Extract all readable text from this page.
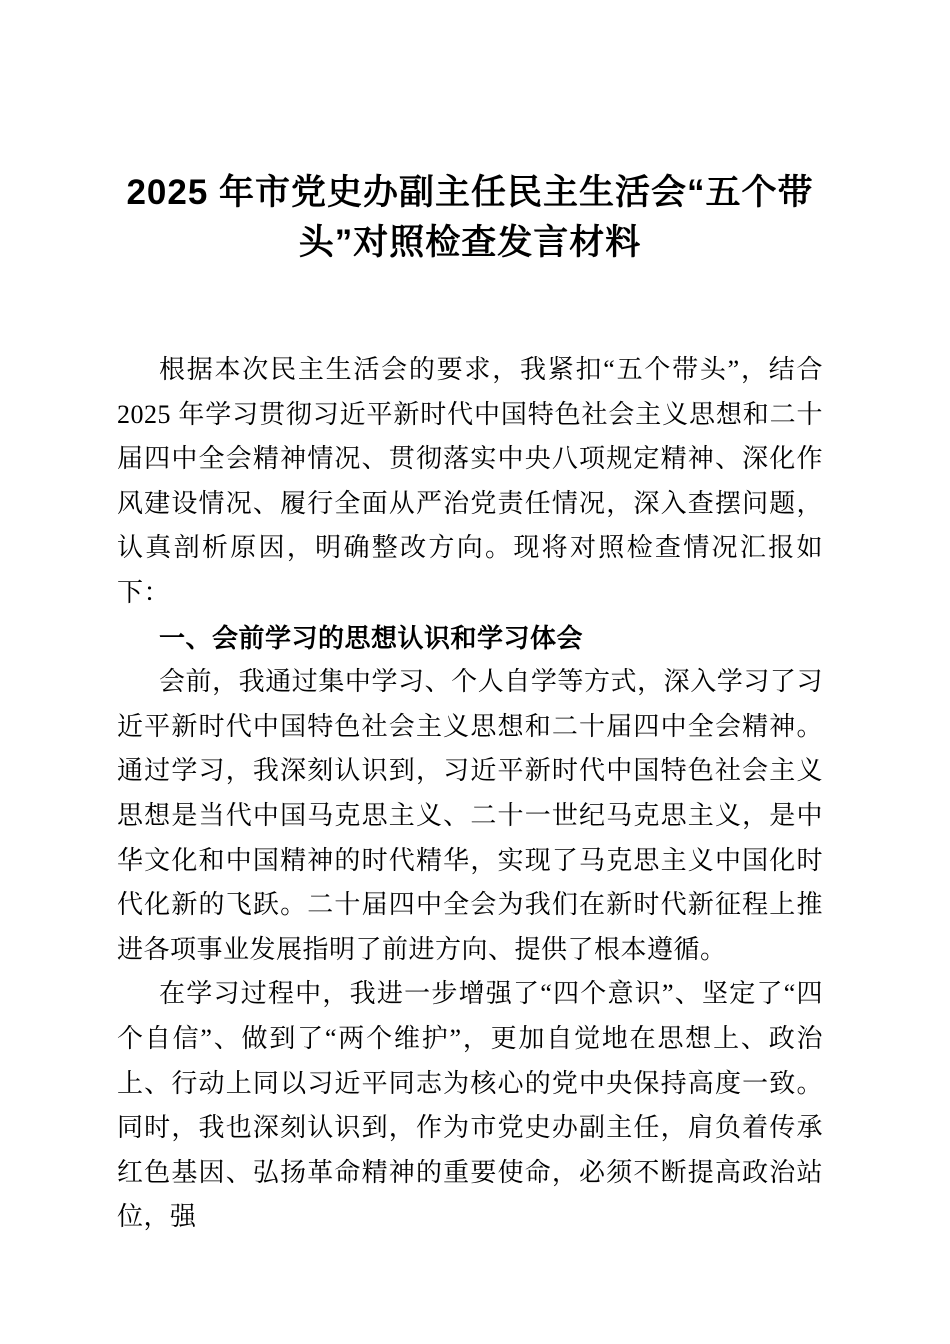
2025 年市党史办副主任民主生活会“五个带
头”对照检查发言材料

根据本次民主生活会的要求，我紧扣“五个带头”，结合 2025 年学习贯彻习近平新时代中国特色社会主义思想和二十届四中全会精神情况、贯彻落实中央八项规定精神、深化作风建设情况、履行全面从严治党责任情况，深入查摆问题，认真剖析原因，明确整改方向。现将对照检查情况汇报如下：

一、会前学习的思想认识和学习体会

会前，我通过集中学习、个人自学等方式，深入学习了习近平新时代中国特色社会主义思想和二十届四中全会精神。通过学习，我深刻认识到，习近平新时代中国特色社会主义思想是当代中国马克思主义、二十一世纪马克思主义，是中华文化和中国精神的时代精华，实现了马克思主义中国化时代化新的飞跃。二十届四中全会为我们在新时代新征程上推进各项事业发展指明了前进方向、提供了根本遵循。

在学习过程中，我进一步增强了“四个意识”、坚定了“四个自信”、做到了“两个维护”，更加自觉地在思想上、政治上、行动上同以习近平同志为核心的党中央保持高度一致。同时，我也深刻认识到，作为市党史办副主任，肩负着传承红色基因、弘扬革命精神的重要使命，必须不断提高政治站位，强
